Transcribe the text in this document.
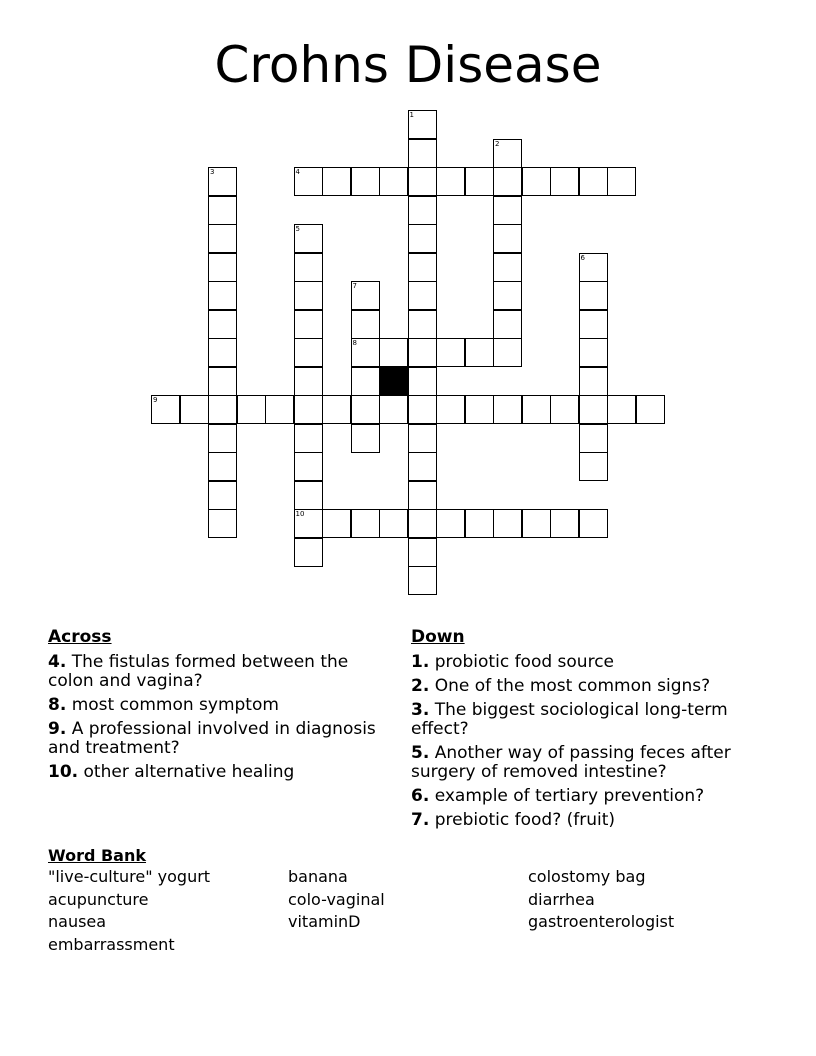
Crohns Disease
1
2
3	4
5
10
6
7
8
9
Across
4. The fistulas formed between the colon and vagina?
8. most common symptom
9. A professional involved in diagnosis and treatment?
10. other alternative healing
Down
1. probiotic food source
2. One of the most common signs?
3. The biggest sociological long-term effect?
5. Another way of passing feces after surgery of removed intestine?
6. example of tertiary prevention?
7. prebiotic food? (fruit)
Word Bank
"live-culture" yogurt	banana	colostomy bag
acupuncture	colo-vaginal	diarrhea
nausea	vitaminD	gastroenterologist
embarrassment
